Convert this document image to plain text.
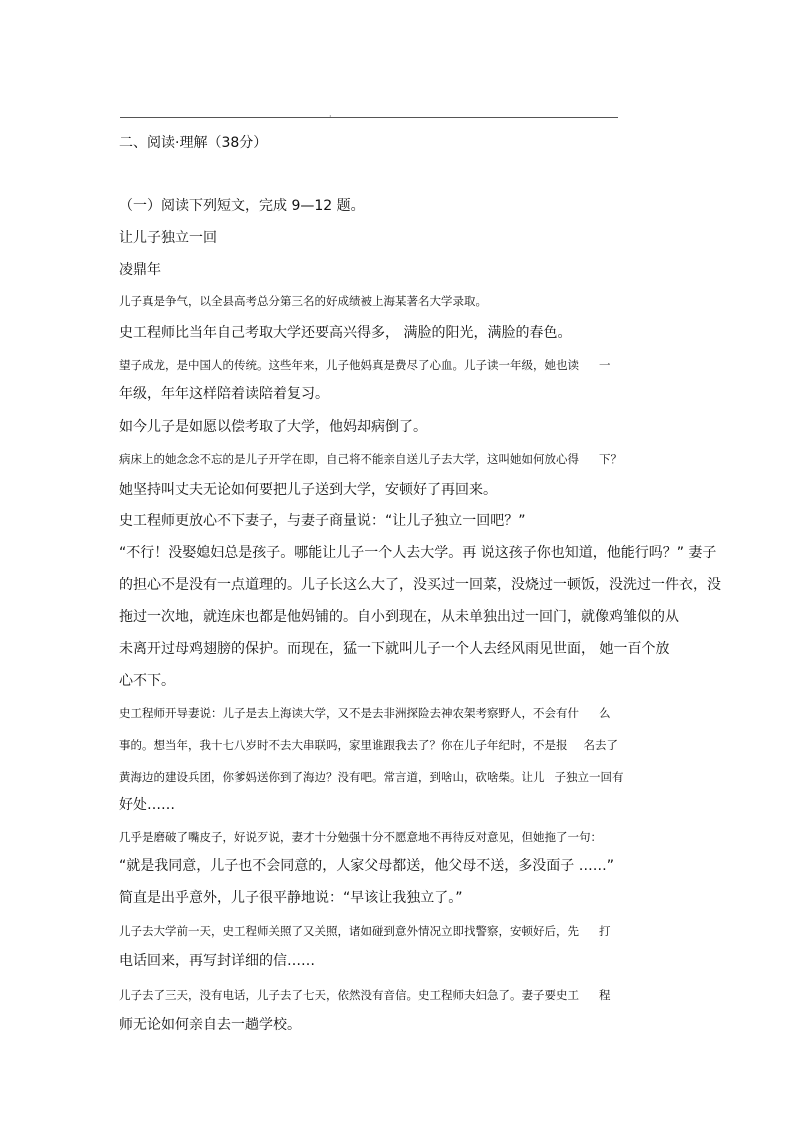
·
二、阅读·理解（38分）
（一）阅读下列短文，完成 9—12 题。
让儿子独立一回
凌鼎年
儿子真是争气，以全县高考总分第三名的好成绩被上海某著名大学录取。
史工程师比当年自己考取大学还要高兴得多， 满脸的阳光，满脸的春色。
望子成龙，是中国人的传统。这些年来，儿子他妈真是费尽了心血。儿子读一年级，她也读 一
年级，年年这样陪着读陪着复习。
如今儿子是如愿以偿考取了大学，他妈却病倒了。
病床上的她念念不忘的是儿子开学在即，自己将不能亲自送儿子去大学，这叫她如何放心得 下？
她坚持叫丈夫无论如何要把儿子送到大学，安顿好了再回来。
史工程师更放心不下妻子，与妻子商量说：“让儿子独立一回吧？”
“不行！没娶媳妇总是孩子。哪能让儿子一个人去大学。再 说这孩子你也知道，他能行吗？” 妻子
的担心不是没有一点道理的。儿子长这么大了，没买过一回菜，没烧过一顿饭，没洗过一件衣，没
拖过一次地，就连床也都是他妈铺的。自小到现在，从未单独出过一回门，就像鸡雏似的从
未离开过母鸡翅膀的保护。而现在，猛一下就叫儿子一个人去经风雨见世面， 她一百个放
心不下。
史工程师开导妻说：儿子是去上海读大学，又不是去非洲探险去神农架考察野人，不会有什 么
事的。想当年，我十七八岁时不去大串联吗，家里谁跟我去了？你在儿子年纪时，不是报 名去了
黄海边的建设兵团，你爹妈送你到了海边？没有吧。常言道，到啥山，砍啥柴。让儿 子独立一回有
好处……
几乎是磨破了嘴皮子，好说歹说，妻才十分勉强十分不愿意地不再待反对意见，但她拖了一句：
“就是我同意，儿子也不会同意的，人家父母都送，他父母不送，多没面子 ……”
简直是出乎意外，儿子很平静地说：“早该让我独立了。”
儿子去大学前一天，史工程师关照了又关照，诸如碰到意外情况立即找警察，安顿好后，先 打
电话回来，再写封详细的信……
儿子去了三天，没有电话，儿子去了七天，依然没有音信。史工程师夫妇急了。妻子要史工 程
师无论如何亲自去一趟学校。
